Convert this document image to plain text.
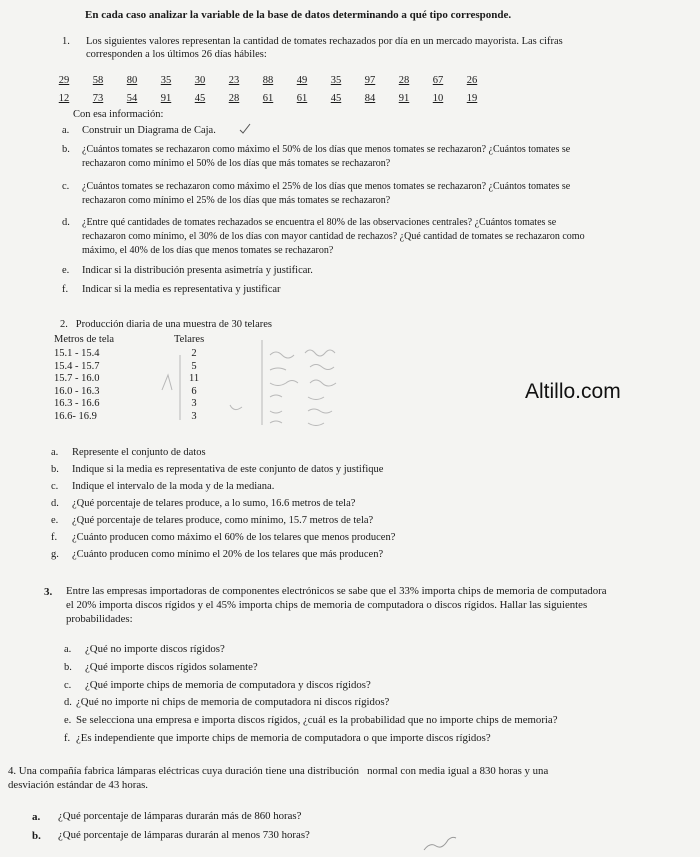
En cada caso analizar la variable de la base de datos determinando a qué tipo corresponde.
1. Los siguientes valores representan la cantidad de tomates rechazados por día en un mercado mayorista. Las cifras
corresponden a los últimos 26 días hábiles:
29 58 80 35 30 23 88 49 35 97 28 67 26
12 73 54 91 45 28 61 61 45 84 91 10 19
Con esa información:
a. Construir un Diagrama de Caja.
b. ¿Cuántos tomates se rechazaron como máximo el 50% de los días que menos tomates se rechazaron? ¿Cuántos tomates se
rechazaron como mínimo el 50% de los días que más tomates se rechazaron?
c. ¿Cuántos tomates se rechazaron como máximo el 25% de los días que menos tomates se rechazaron? ¿Cuántos tomates se
rechazaron como mínimo el 25% de los días que más tomates se rechazaron?
d. ¿Entre qué cantidades de tomates rechazados se encuentra el 80% de las observaciones centrales? ¿Cuántos tomates se
rechazaron como mínimo, el 30% de los días con mayor cantidad de rechazos? ¿Qué cantidad de tomates se rechazaron como
máximo, el 40% de los días que menos tomates se rechazaron?
e. Indicar si la distribución presenta asimetría y justificar.
f. Indicar si la media es representativa y justificar
2.   Producción diaria de una muestra de 30 telares
Metros de tela	Telares
15.1 - 15.4
15.4 - 15.7
15.7 - 16.0
16.0 - 16.3
16.3 - 16.6
16.6- 16.9
2
5
11
6
3
3
a. Represente el conjunto de datos
b. Indique si la media es representativa de este conjunto de datos y justifique
c. Indique el intervalo de la moda y de la mediana.
d. ¿Qué porcentaje de telares produce, a lo sumo, 16.6 metros de tela?
e. ¿Qué porcentaje de telares produce, como mínimo, 15.7 metros de tela?
f. ¿Cuánto producen como máximo el 60% de los telares que menos producen?
g. ¿Cuánto producen como mínimo el 20% de los telares que más producen?
Altillo.com
3. Entre las empresas importadoras de componentes electrónicos se sabe que el 33% importa chips de memoria de computadora
el 20% importa discos rígidos y el 45% importa chips de memoria de computadora o discos rígidos. Hallar las siguientes
probabilidades:
a. ¿Qué no importe discos rígidos?
b. ¿Qué importe discos rígidos solamente?
c. ¿Qué importe chips de memoria de computadora y discos rígidos?
d. ¿Qué no importe ni chips de memoria de computadora ni discos rígidos?
e. Se selecciona una empresa e importa discos rígidos, ¿cuál es la probabilidad que no importe chips de memoria?
f. ¿Es independiente que importe chips de memoria de computadora o que importe discos rígidos?
4. Una compañía fabrica lámparas eléctricas cuya duración tiene una distribución   normal con media igual a 830 horas y una
desviación estándar de 43 horas.
a. ¿Qué porcentaje de lámparas durarán más de 860 horas?
b. ¿Qué porcentaje de lámparas durarán al menos 730 horas?
